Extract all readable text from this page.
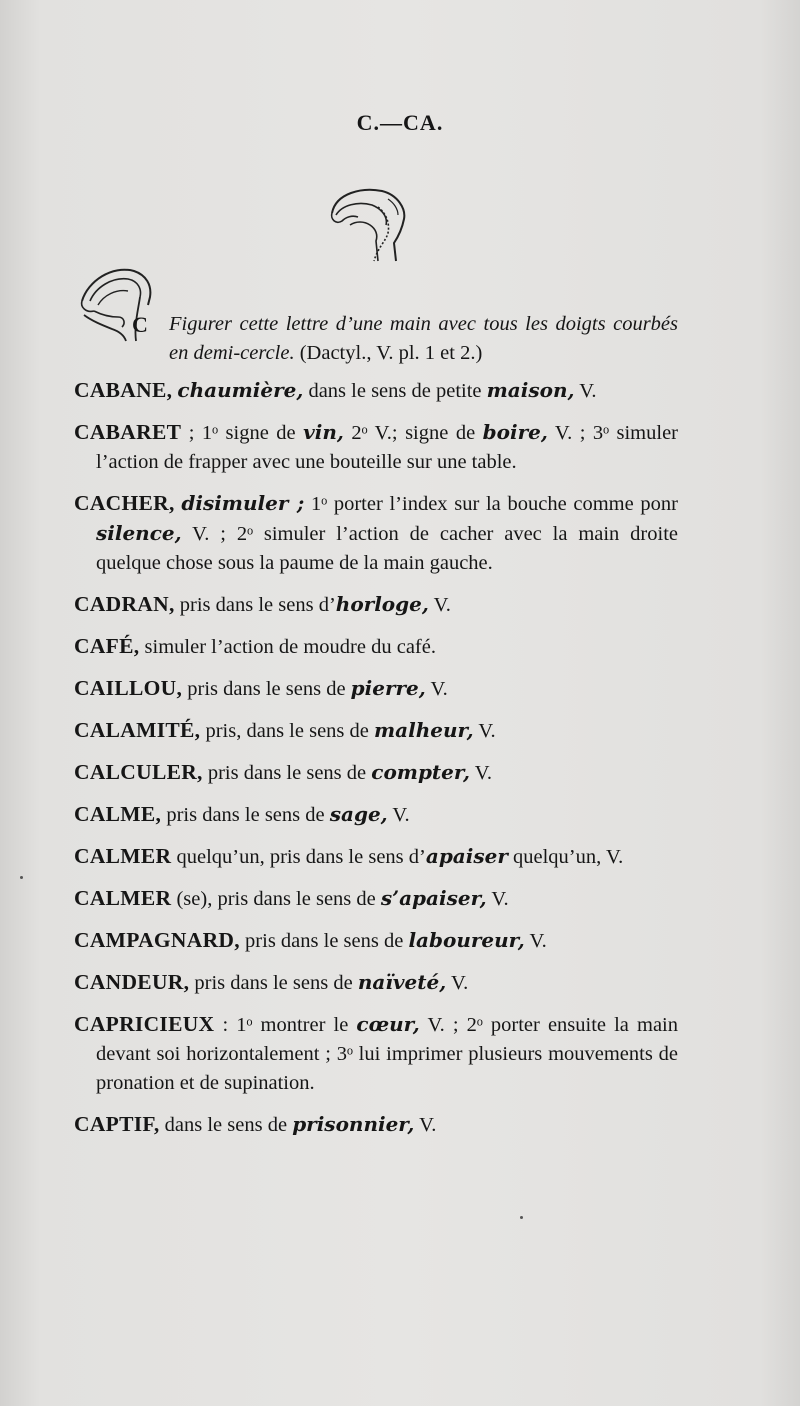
C.—CA.

C Figurer cette lettre d’une main avec tous les doigts courbés en demi-cercle. (Dactyl., V. pl. 1 et 2.)

CABANE, chaumière, dans le sens de petite maison, V.

CABARET ; 1ᵒ signe de vin, 2ᵒ V.; signe de boire, V. ; 3ᵒ simuler l’action de frapper avec une bouteille sur une table.

CACHER, disimuler ; 1ᵒ porter l’index sur la bouche comme ponr silence, V. ; 2ᵒ simuler l’action de cacher avec la main droite quelque chose sous la paume de la main gauche.

CADRAN, pris dans le sens d’horloge, V.

CAFÉ, simuler l’action de moudre du café.

CAILLOU, pris dans le sens de pierre, V.

CALAMITÉ, pris, dans le sens de malheur, V.

CALCULER, pris dans le sens de compter, V.

CALME, pris dans le sens de sage, V.

CALMER quelqu’un, pris dans le sens d’apaiser quelqu’un, V.

CALMER (se), pris dans le sens de s’apaiser, V.

CAMPAGNARD, pris dans le sens de laboureur, V.

CANDEUR, pris dans le sens de naïveté, V.

CAPRICIEUX : 1ᵒ montrer le cœur, V. ; 2ᵒ porter ensuite la main devant soi horizontalement ; 3ᵒ lui imprimer plusieurs mouvements de pronation et de supination.

CAPTIF, dans le sens de prisonnier, V.
